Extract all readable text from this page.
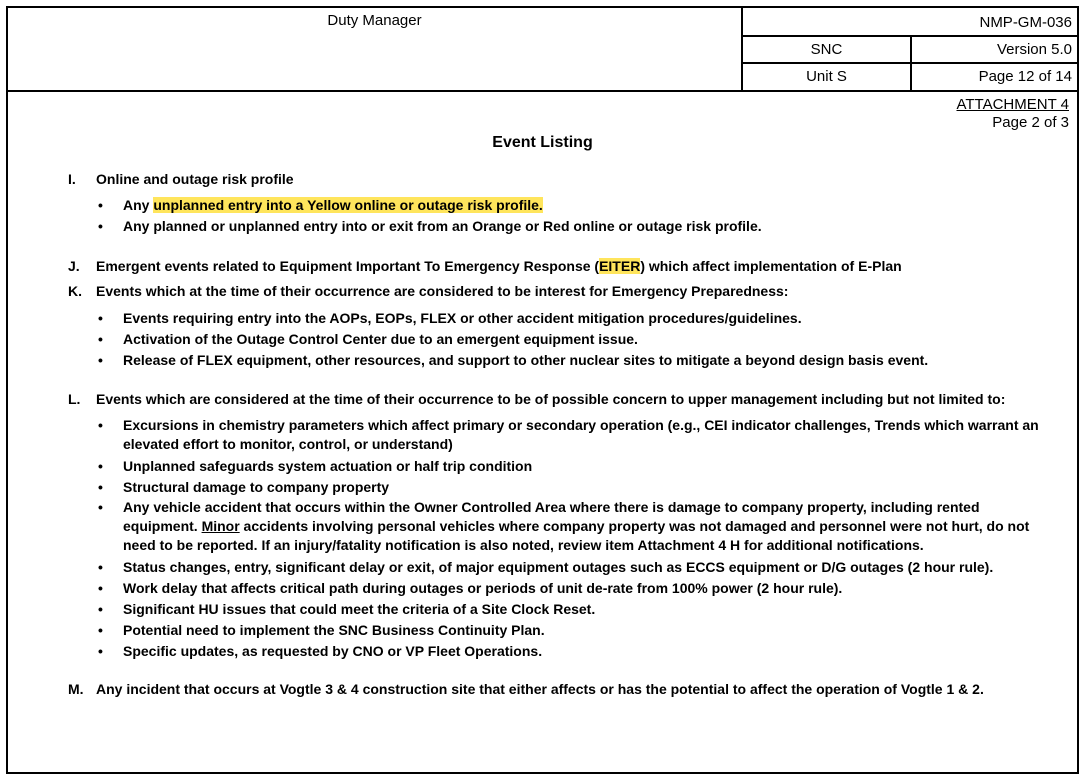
Duty Manager	NMP-GM-036
SNC	Version 5.0
Unit S	Page 12 of 14
ATTACHMENT 4
Page 2 of 3
Event Listing
I. Online and outage risk profile
• Any unplanned entry into a Yellow online or outage risk profile.
• Any planned or unplanned entry into or exit from an Orange or Red online or outage risk profile.
J. Emergent events related to Equipment Important To Emergency Response (EITER) which affect implementation of E-Plan
K. Events which at the time of their occurrence are considered to be interest for Emergency Preparedness:
• Events requiring entry into the AOPs, EOPs, FLEX or other accident mitigation procedures/guidelines.
• Activation of the Outage Control Center due to an emergent equipment issue.
• Release of FLEX equipment, other resources, and support to other nuclear sites to mitigate a beyond design basis event.
L. Events which are considered at the time of their occurrence to be of possible concern to upper management including but not limited to:
• Excursions in chemistry parameters which affect primary or secondary operation (e.g., CEI indicator challenges, Trends which warrant an elevated effort to monitor, control, or understand)
• Unplanned safeguards system actuation or half trip condition
• Structural damage to company property
• Any vehicle accident that occurs within the Owner Controlled Area where there is damage to company property, including rented equipment. Minor accidents involving personal vehicles where company property was not damaged and personnel were not hurt, do not need to be reported. If an injury/fatality notification is also noted, review item Attachment 4 H for additional notifications.
• Status changes, entry, significant delay or exit, of major equipment outages such as ECCS equipment or D/G outages (2 hour rule).
• Work delay that affects critical path during outages or periods of unit de-rate from 100% power (2 hour rule).
• Significant HU issues that could meet the criteria of a Site Clock Reset.
• Potential need to implement the SNC Business Continuity Plan.
• Specific updates, as requested by CNO or VP Fleet Operations.
M. Any incident that occurs at Vogtle 3 & 4 construction site that either affects or has the potential to affect the operation of Vogtle 1 & 2.
